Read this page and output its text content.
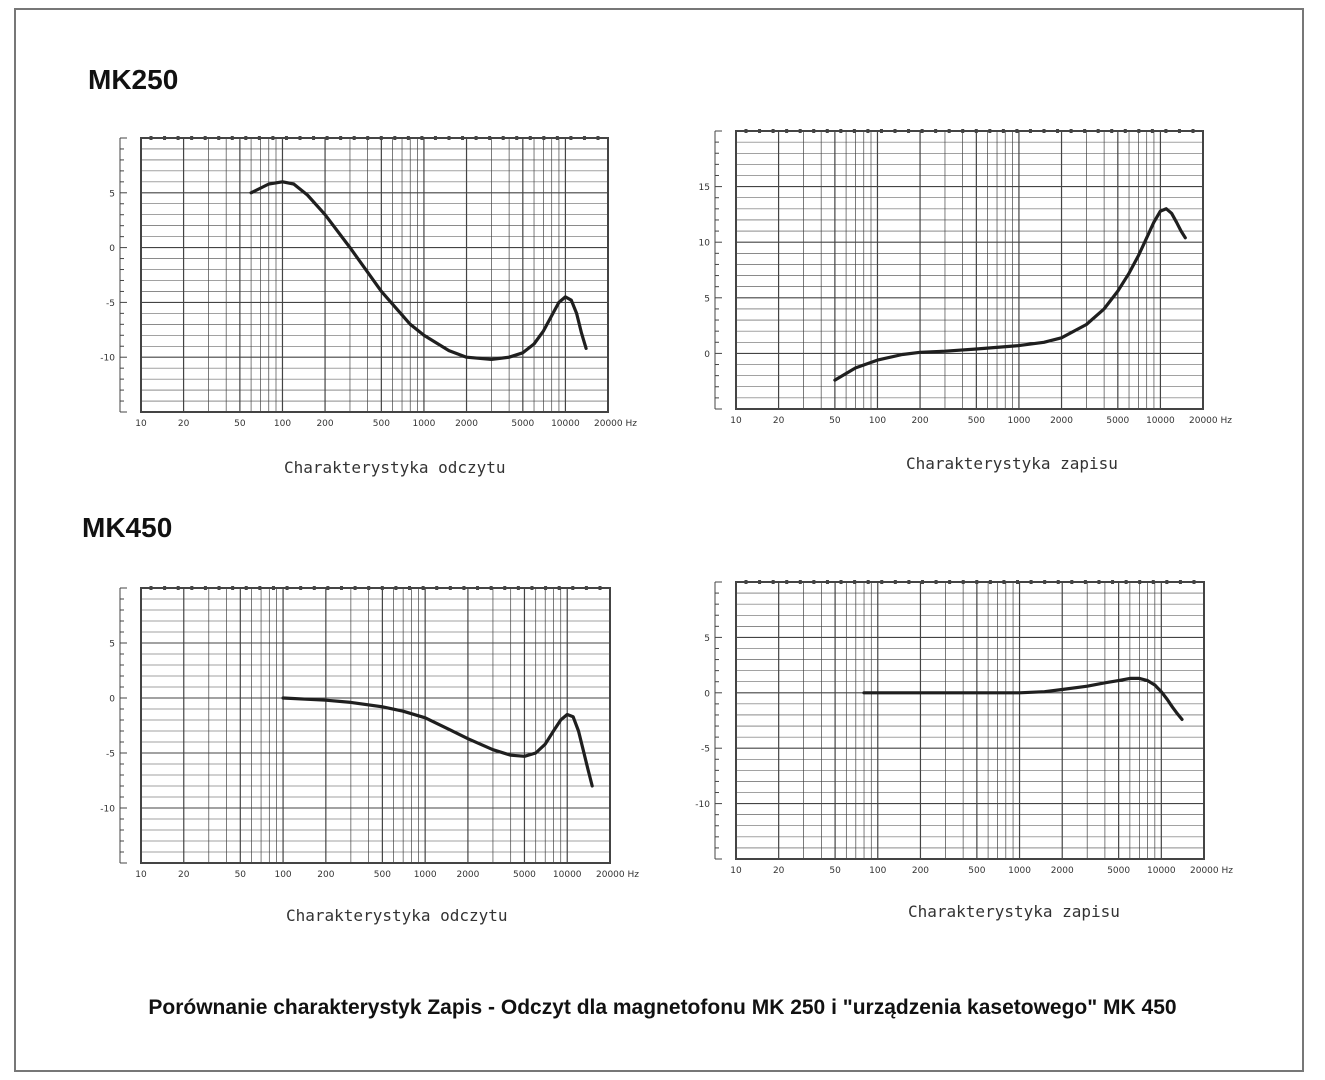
MK250
MK450
5
0
-5
-10
10	20	50	100	200	500	1000 2000	5000 10000 20000 Hz
15
10
5
0
10	20	50	100	200	500	1000 2000	5000 10000 20000 Hz
5
0
-5
-10
10	20	50	100	200	500	1000 2000	5000 10000 20000 Hz
5
0
-5
-10
10	20	50	100	200	500	1000 2000	5000 10000 20000 Hz
Charakterystyka odczytu	Charakterystyka zapisu
Charakterystyka odczytu	Charakterystyka zapisu
Porównanie charakterystyk Zapis - Odczyt dla magnetofonu MK 250 i "urządzenia kasetowego" MK 450
